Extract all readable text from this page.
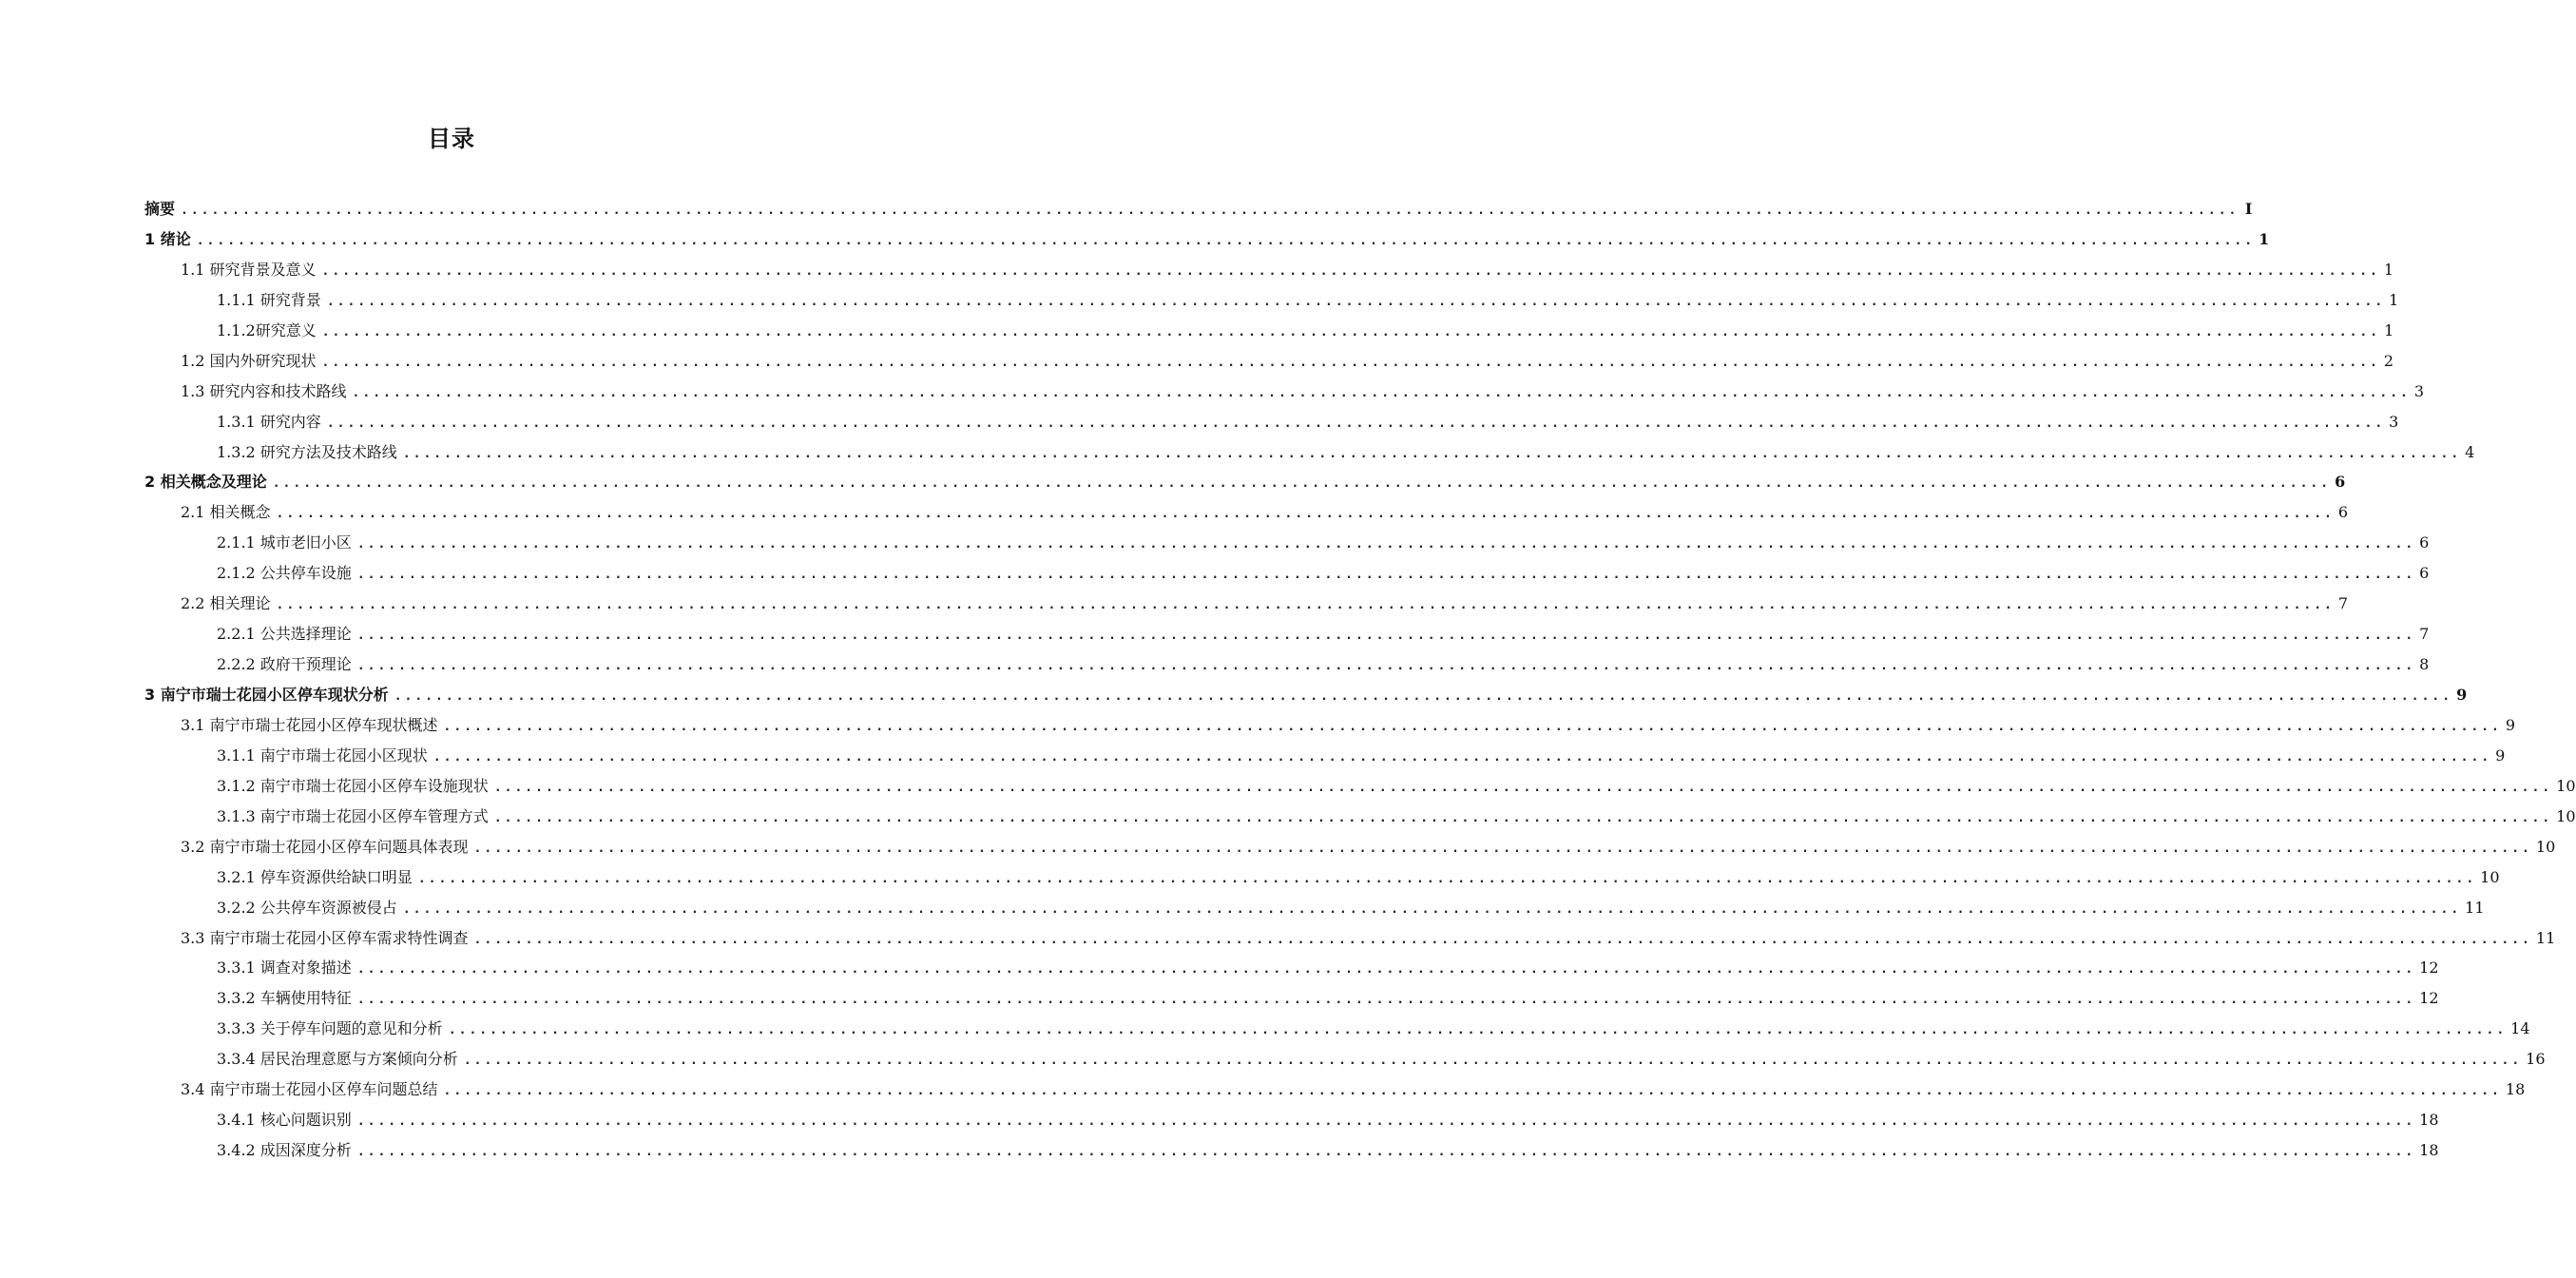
目录
摘要 ........................................................................................................................................................................................................ I
1 绪论 ........................................................................................................................................................................................................ 1
1.1 研究背景及意义 ........................................................................................................................................................................................................ 1
1.1.1 研究背景 ........................................................................................................................................................................................................ 1
1.1.2研究意义 ........................................................................................................................................................................................................ 1
1.2 国内外研究现状 ........................................................................................................................................................................................................ 2
1.3 研究内容和技术路线 ........................................................................................................................................................................................................ 3
1.3.1 研究内容 ........................................................................................................................................................................................................ 3
1.3.2 研究方法及技术路线 ........................................................................................................................................................................................................ 4
2 相关概念及理论 ........................................................................................................................................................................................................ 6
2.1 相关概念 ........................................................................................................................................................................................................ 6
2.1.1 城市老旧小区 ........................................................................................................................................................................................................ 6
2.1.2 公共停车设施 ........................................................................................................................................................................................................ 6
2.2 相关理论 ........................................................................................................................................................................................................ 7
2.2.1 公共选择理论 ........................................................................................................................................................................................................ 7
2.2.2 政府干预理论 ........................................................................................................................................................................................................ 8
3 南宁市瑞士花园小区停车现状分析 ........................................................................................................................................................................................................ 9
3.1 南宁市瑞士花园小区停车现状概述 ........................................................................................................................................................................................................ 9
3.1.1 南宁市瑞士花园小区现状 ........................................................................................................................................................................................................ 9
3.1.2 南宁市瑞士花园小区停车设施现状 ........................................................................................................................................................................................................ 10
3.1.3 南宁市瑞士花园小区停车管理方式 ........................................................................................................................................................................................................ 10
3.2 南宁市瑞士花园小区停车问题具体表现 ........................................................................................................................................................................................................ 10
3.2.1 停车资源供给缺口明显 ........................................................................................................................................................................................................ 10
3.2.2 公共停车资源被侵占 ........................................................................................................................................................................................................ 11
3.3 南宁市瑞士花园小区停车需求特性调查 ........................................................................................................................................................................................................ 11
3.3.1 调查对象描述 ........................................................................................................................................................................................................ 12
3.3.2 车辆使用特征 ........................................................................................................................................................................................................ 12
3.3.3 关于停车问题的意见和分析 ........................................................................................................................................................................................................ 14
3.3.4 居民治理意愿与方案倾向分析 ........................................................................................................................................................................................................ 16
3.4 南宁市瑞士花园小区停车问题总结 ........................................................................................................................................................................................................ 18
3.4.1 核心问题识别 ........................................................................................................................................................................................................ 18
3.4.2 成因深度分析 ........................................................................................................................................................................................................ 18
